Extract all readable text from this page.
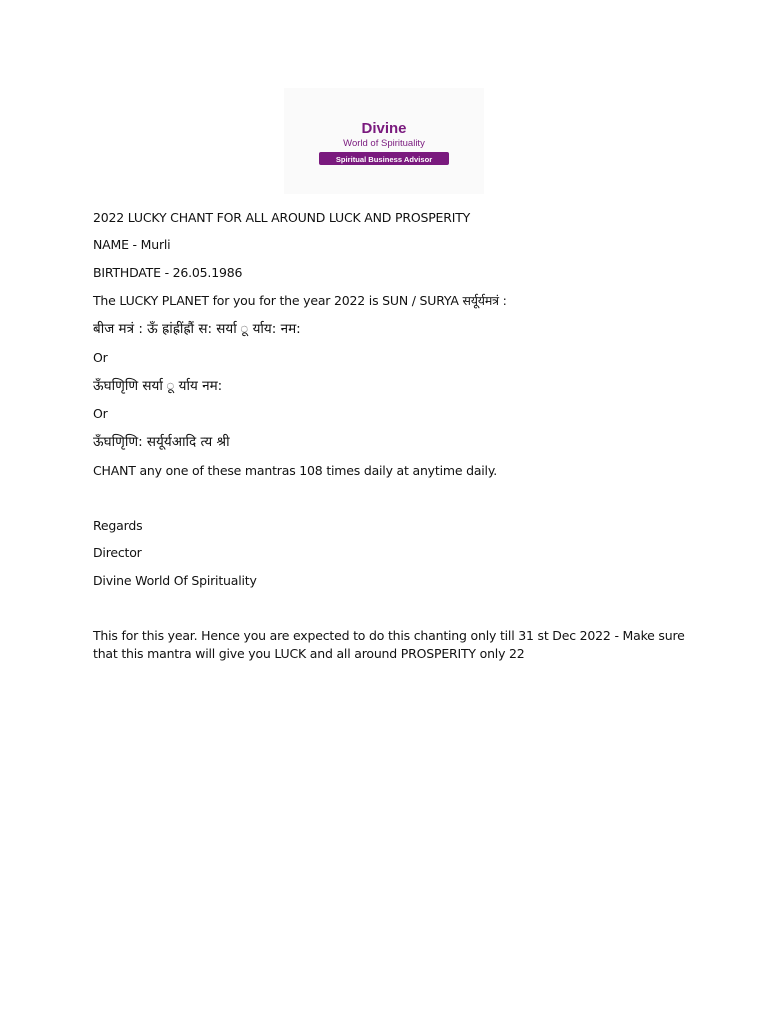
Divine
World of Spirituality
Spiritual Business Advisor
2022 LUCKY CHANT FOR ALL AROUND LUCK AND PROSPERITY
NAME - Murli
BIRTHDATE - 26.05.1986
The LUCKY PLANET for you for the year 2022 is SUN / SURYA सर्यूर्यमत्रं :
बीज मत्रं : ऊँ ह्रांह्रींह्रौं स: सर्या ू र्याय: नम:
Or
ऊँघणिृणि सर्या ू र्याय नम:
Or
ऊँघणिृणि: सर्यूर्यआदि त्य श्री
CHANT any one of these mantras 108 times daily at anytime daily.
Regards
Director
Divine World Of Spirituality
This for this year. Hence you are expected to do this chanting only till 31 st Dec 2022 - Make sure
that this mantra will give you LUCK and all around PROSPERITY only 22
